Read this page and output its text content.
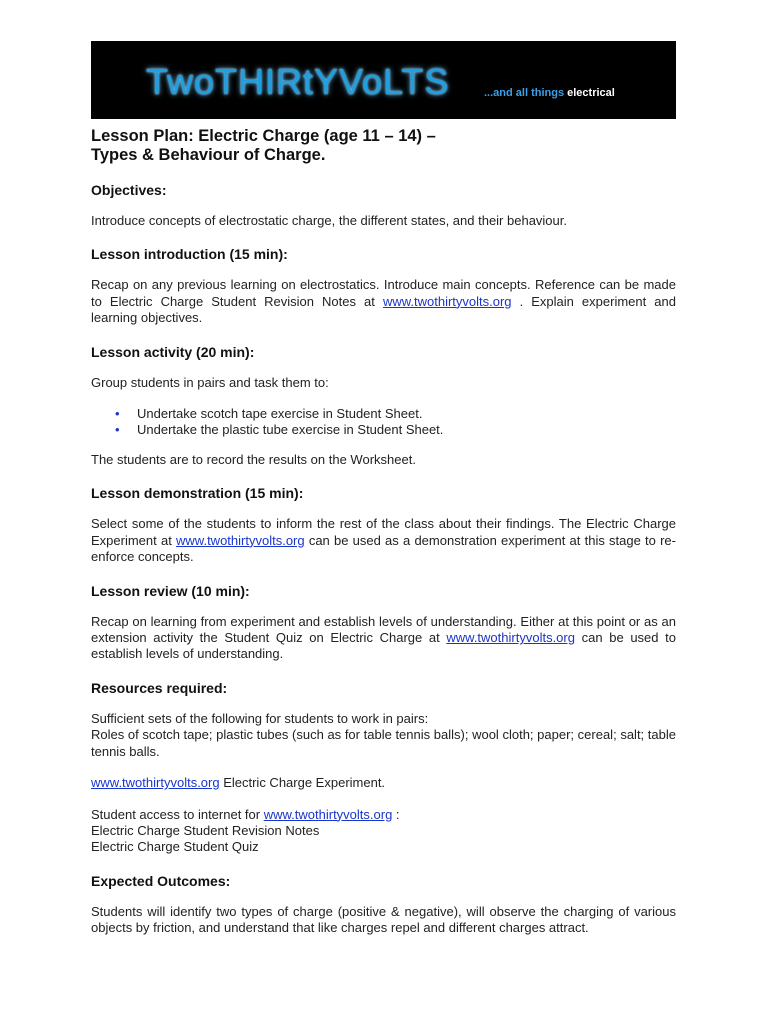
TwoTHIRtYVoLTS	...and all things electrical
Lesson Plan: Electric Charge (age 11 – 14) –
Types & Behaviour of Charge.
Objectives:

Introduce concepts of electrostatic charge, the different states, and their behaviour.

Lesson introduction (15 min):

Recap on any previous learning on electrostatics. Introduce main concepts. Reference can be made to Electric Charge Student Revision Notes at www.twothirtyvolts.org . Explain experiment and learning objectives.

Lesson activity (20 min):

Group students in pairs and task them to:

• Undertake scotch tape exercise in Student Sheet.
• Undertake the plastic tube exercise in Student Sheet.

The students are to record the results on the Worksheet.

Lesson demonstration (15 min):

Select some of the students to inform the rest of the class about their findings. The Electric Charge Experiment at www.twothirtyvolts.org can be used as a demonstration experiment at this stage to re-enforce concepts.

Lesson review (10 min):

Recap on learning from experiment and establish levels of understanding. Either at this point or as an extension activity the Student Quiz on Electric Charge at www.twothirtyvolts.org can be used to establish levels of understanding.

Resources required:

Sufficient sets of the following for students to work in pairs:
Roles of scotch tape; plastic tubes (such as for table tennis balls); wool cloth; paper; cereal; salt; table tennis balls.

www.twothirtyvolts.org Electric Charge Experiment.

Student access to internet for www.twothirtyvolts.org :
Electric Charge Student Revision Notes
Electric Charge Student Quiz

Expected Outcomes:

Students will identify two types of charge (positive & negative), will observe the charging of various objects by friction, and understand that like charges repel and different charges attract.
